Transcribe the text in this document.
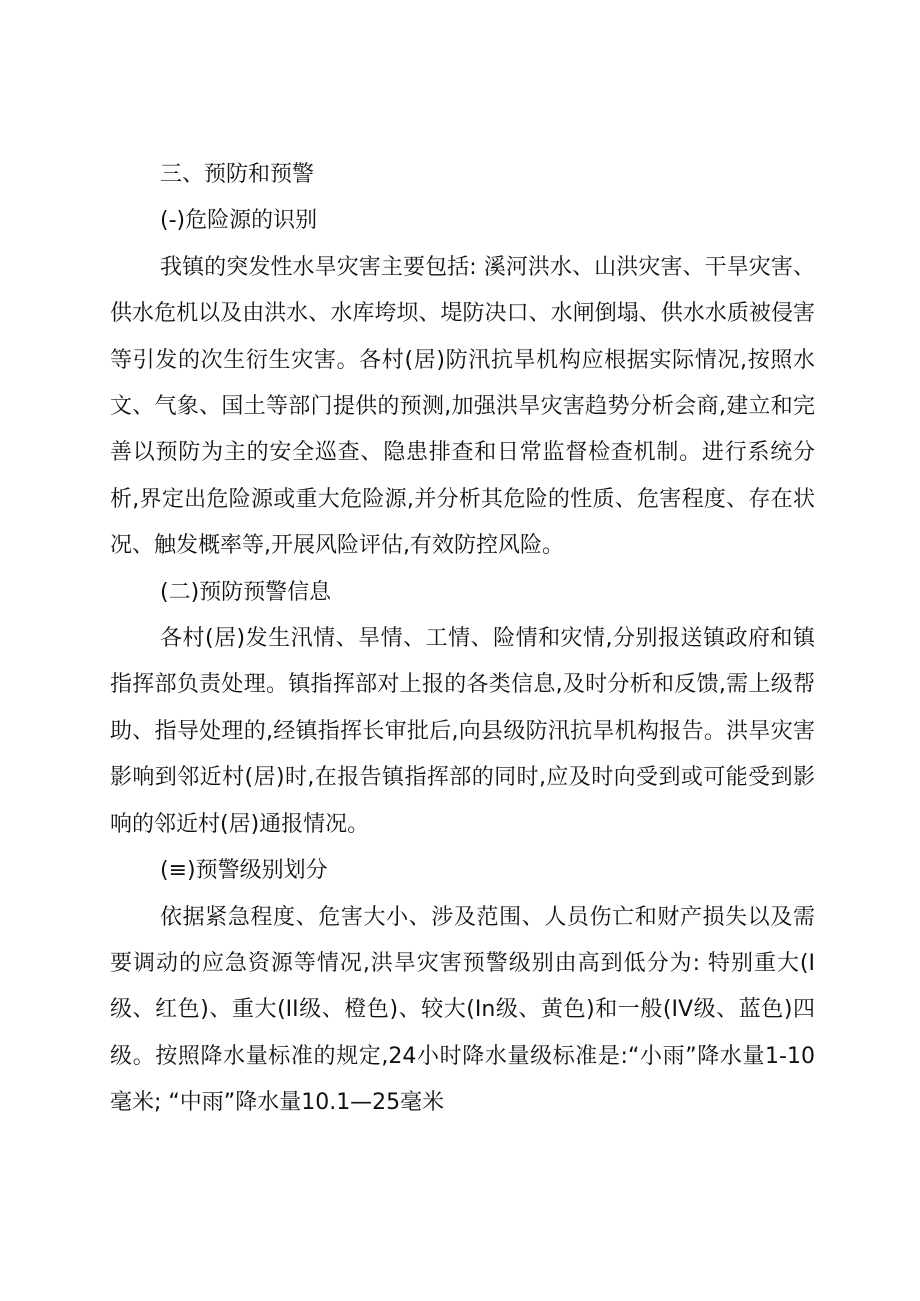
三、预防和预警

(-)危险源的识别

我镇的突发性水旱灾害主要包括: 溪河洪水、山洪灾害、干旱灾害、供水危机以及由洪水、水库垮坝、堤防决口、水闸倒塌、供水水质被侵害等引发的次生衍生灾害。各村(居)防汛抗旱机构应根据实际情况,按照水文、气象、国土等部门提供的预测,加强洪旱灾害趋势分析会商,建立和完善以预防为主的安全巡查、隐患排查和日常监督检查机制。进行系统分析,界定出危险源或重大危险源,并分析其危险的性质、危害程度、存在状况、触发概率等,开展风险评估,有效防控风险。

(二)预防预警信息

各村(居)发生汛情、旱情、工情、险情和灾情,分别报送镇政府和镇指挥部负责处理。镇指挥部对上报的各类信息,及时分析和反馈,需上级帮助、指导处理的,经镇指挥长审批后,向县级防汛抗旱机构报告。洪旱灾害影响到邻近村(居)时,在报告镇指挥部的同时,应及时向受到或可能受到影响的邻近村(居)通报情况。

(≡)预警级别划分

依据紧急程度、危害大小、涉及范围、人员伤亡和财产损失以及需要调动的应急资源等情况,洪旱灾害预警级别由高到低分为: 特别重大(I级、红色)、重大(II级、橙色)、较大(In级、黄色)和一般(IV级、蓝色)四级。按照降水量标准的规定,24小时降水量级标准是:“小雨”降水量1-10毫米; “中雨”降水量10.1—25毫米
